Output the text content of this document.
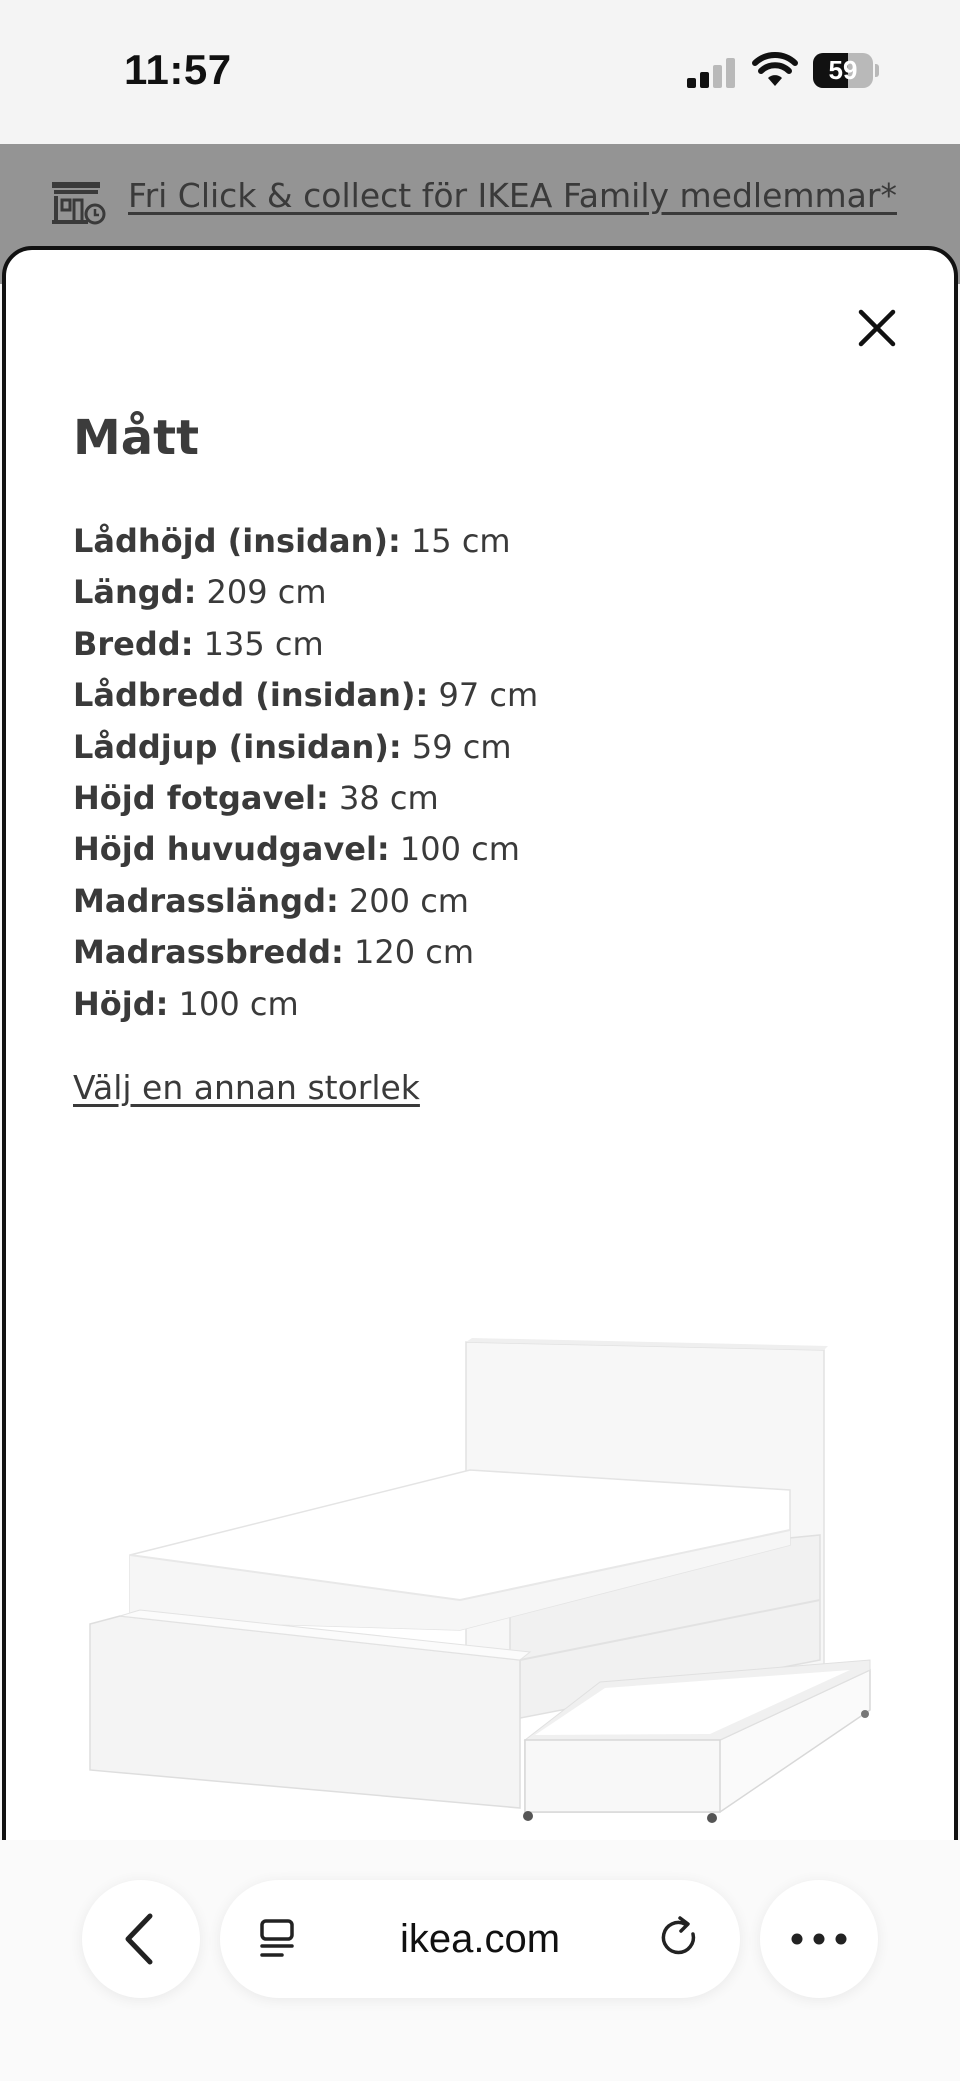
11:57	59
Fri Click & collect för IKEA Family medlemmar*
Mått
Lådhöjd (insidan): 15 cm
Längd: 209 cm
Bredd: 135 cm
Lådbredd (insidan): 97 cm
Låddjup (insidan): 59 cm
Höjd fotgavel: 38 cm
Höjd huvudgavel: 100 cm
Madrasslängd: 200 cm
Madrassbredd: 120 cm
Höjd: 100 cm
Välj en annan storlek
ikea.com
